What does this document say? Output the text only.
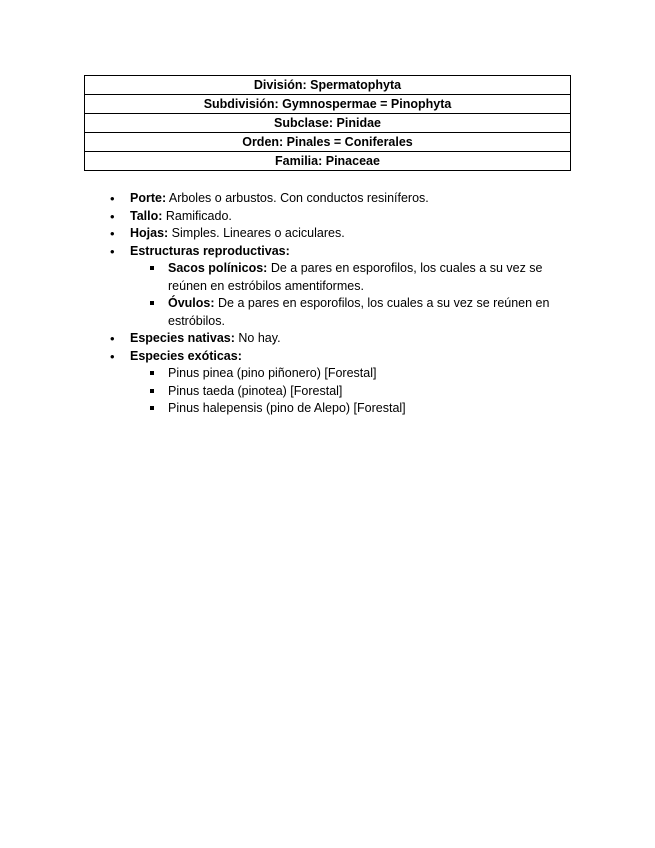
División: Spermatophyta
Subdivisión: Gymnospermae = Pinophyta
Subclase: Pinidae
Orden: Pinales = Coniferales
Familia: Pinaceae
• Porte: Arboles o arbustos. Con conductos resiníferos.
• Tallo: Ramificado.
• Hojas: Simples. Lineares o aciculares.
• Estructuras reproductivas:
Sacos polínicos: De a pares en esporofilos, los cuales a su vez se reúnen en estróbilos amentiformes.
Óvulos: De a pares en esporofilos, los cuales a su vez se reúnen en estróbilos.
• Especies nativas: No hay.
• Especies exóticas:
Pinus pinea (pino piñonero) [Forestal]
Pinus taeda (pinotea) [Forestal]
Pinus halepensis (pino de Alepo) [Forestal]
